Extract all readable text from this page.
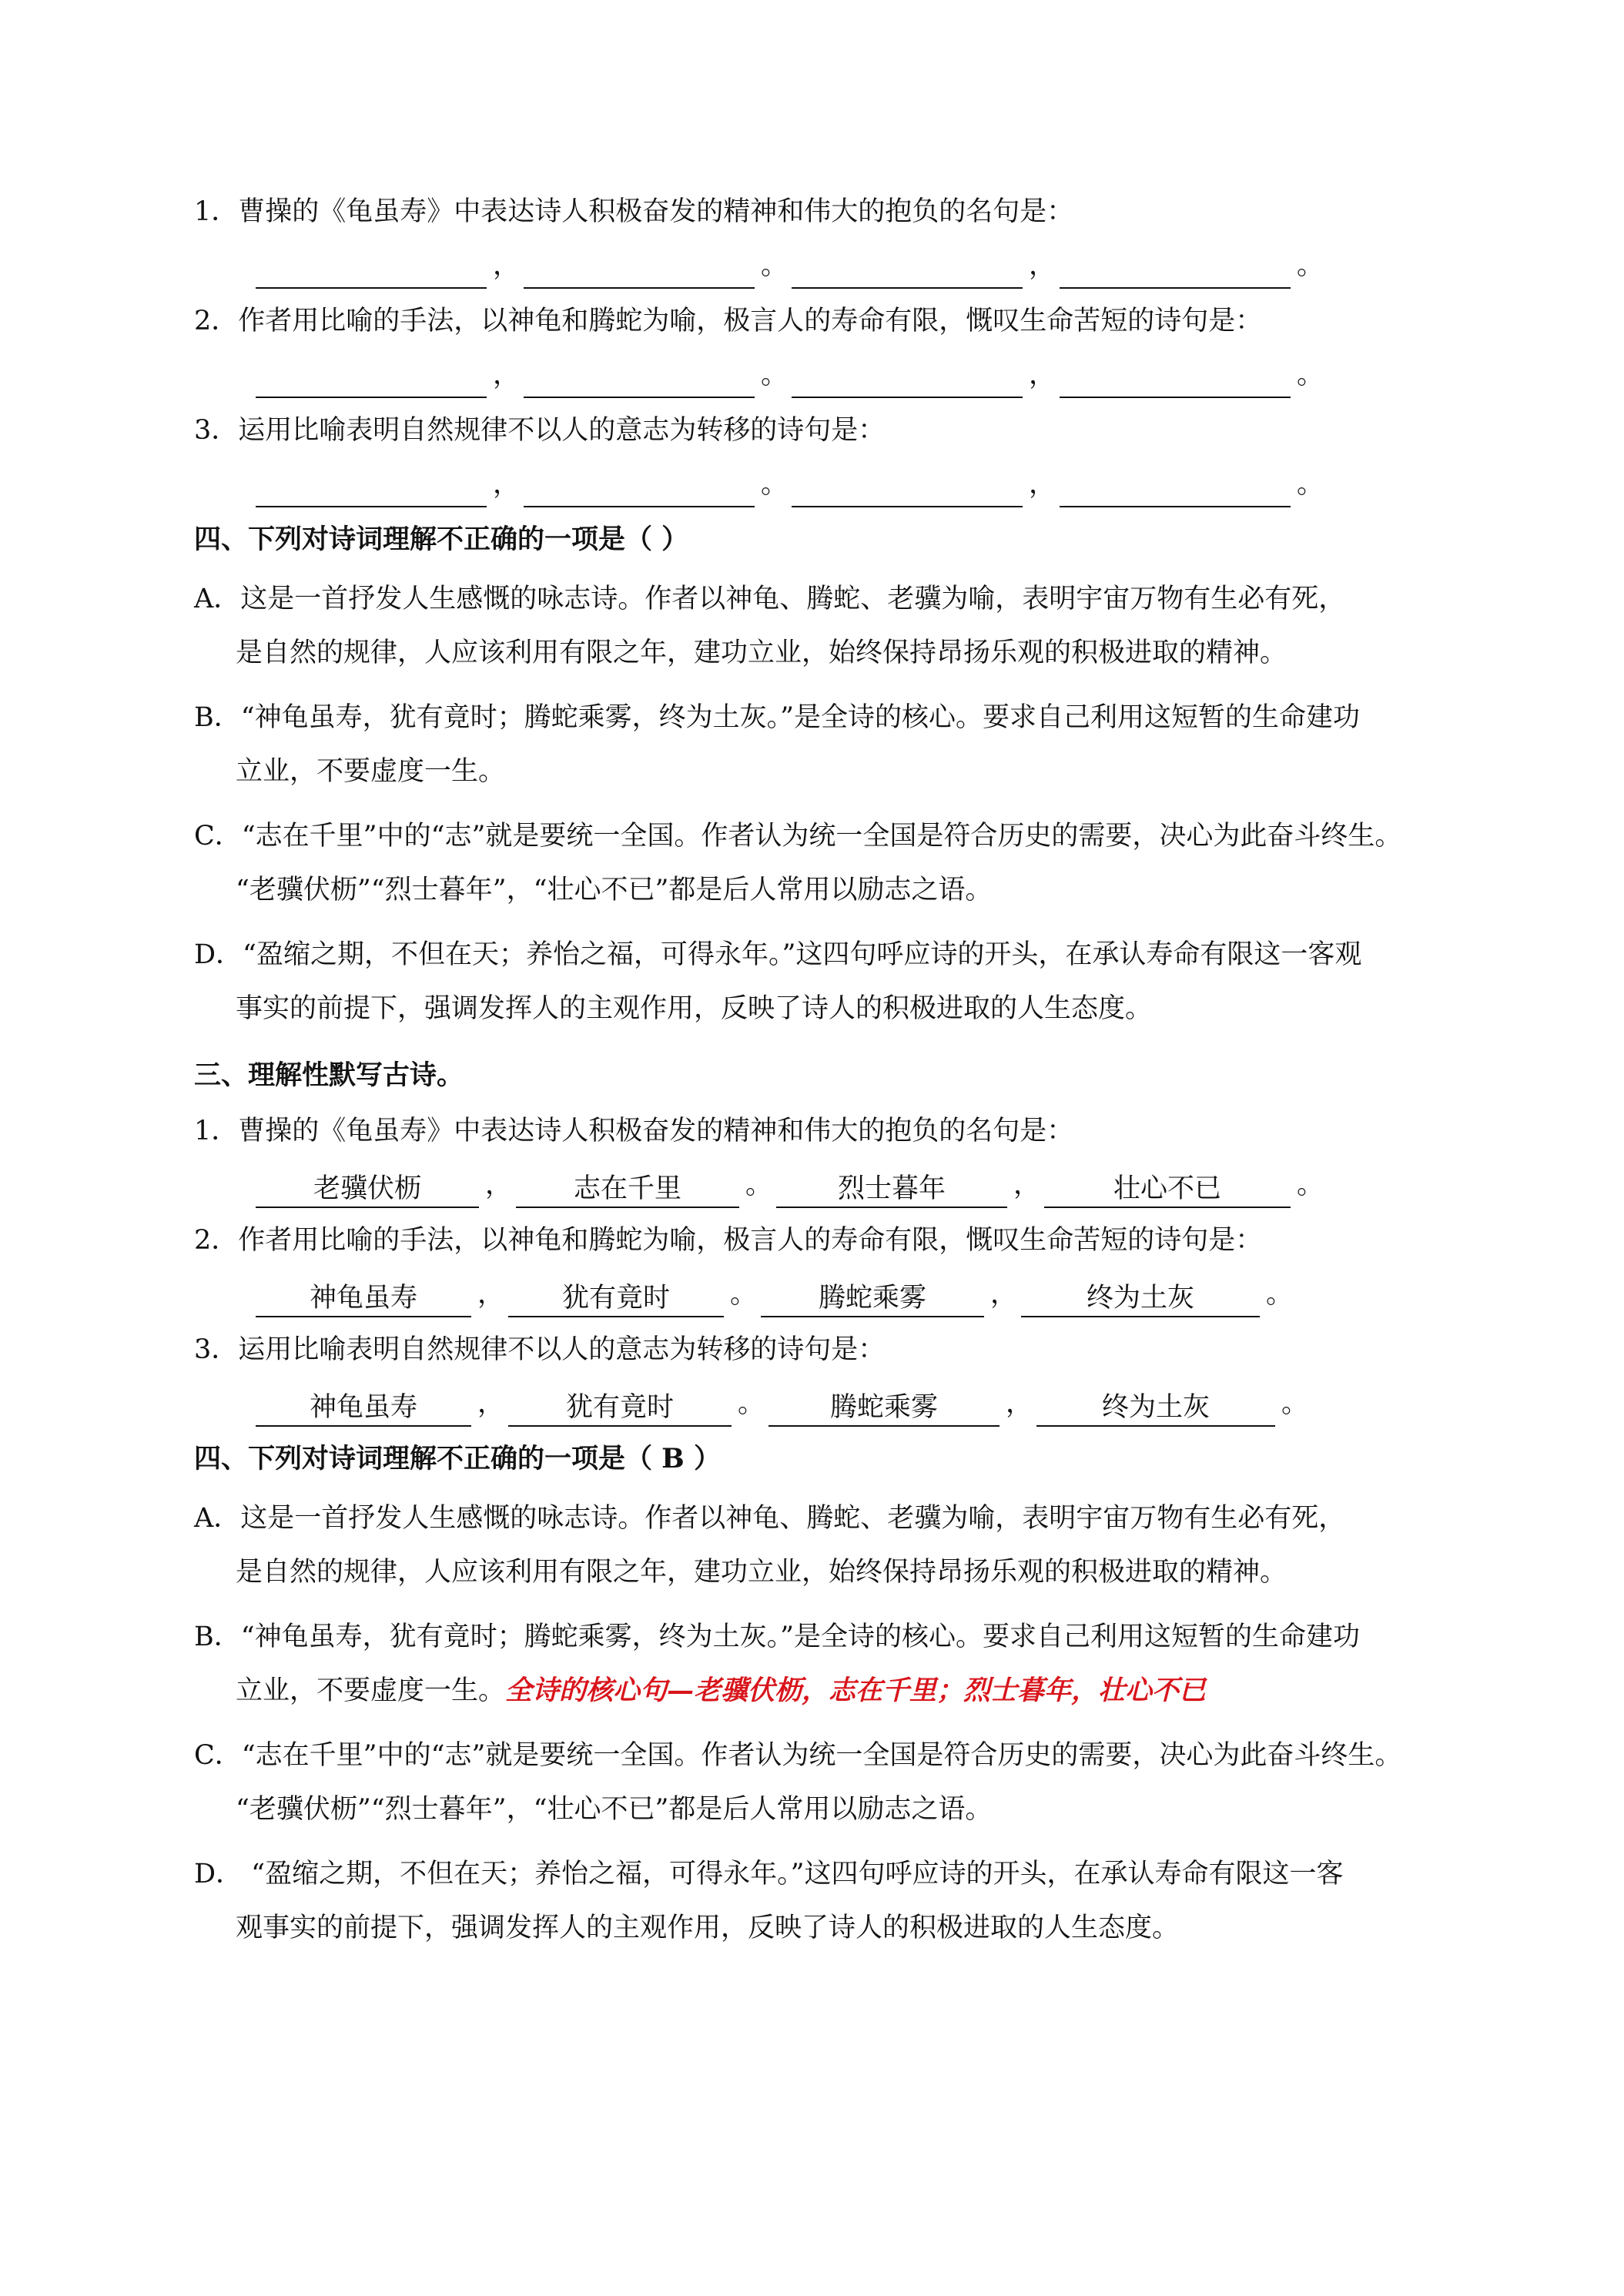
1．曹操的《龟虽寿》中表达诗人积极奋发的精神和伟大的抱负的名句是：
，	。	，	。
2．作者用比喻的手法，以神龟和腾蛇为喻，极言人的寿命有限，慨叹生命苦短的诗句是：
，	。	，	。
3．运用比喻表明自然规律不以人的意志为转移的诗句是：
，	。	，	。
四、下列对诗词理解不正确的一项是（ ）
A．这是一首抒发人生感慨的咏志诗。作者以神龟、腾蛇、老骥为喻，表明宇宙万物有生必有死，
是自然的规律，人应该利用有限之年，建功立业，始终保持昂扬乐观的积极进取的精神。
B．“神龟虽寿，犹有竟时；腾蛇乘雾，终为土灰。”是全诗的核心。要求自己利用这短暂的生命建功
立业，不要虚度一生。
C．“志在千里”中的“志”就是要统一全国。作者认为统一全国是符合历史的需要，决心为此奋斗终生。
“老骥伏枥”“烈士暮年”，“壮心不已”都是后人常用以励志之语。
D．“盈缩之期，不但在天；养怡之福，可得永年。”这四句呼应诗的开头，在承认寿命有限这一客观
事实的前提下，强调发挥人的主观作用，反映了诗人的积极进取的人生态度。
三、理解性默写古诗。
1．曹操的《龟虽寿》中表达诗人积极奋发的精神和伟大的抱负的名句是：
老骥伏枥	，	志在千里	。	烈士暮年	，	壮心不已	。
2．作者用比喻的手法，以神龟和腾蛇为喻，极言人的寿命有限，慨叹生命苦短的诗句是：
神龟虽寿	，	犹有竟时	。	腾蛇乘雾	，	终为土灰	。
3．运用比喻表明自然规律不以人的意志为转移的诗句是：
神龟虽寿	，	犹有竟时	。	腾蛇乘雾	，	终为土灰	。
四、下列对诗词理解不正确的一项是（ B ）
A．这是一首抒发人生感慨的咏志诗。作者以神龟、腾蛇、老骥为喻，表明宇宙万物有生必有死，
是自然的规律，人应该利用有限之年，建功立业，始终保持昂扬乐观的积极进取的精神。
B．“神龟虽寿，犹有竟时；腾蛇乘雾，终为土灰。”是全诗的核心。要求自己利用这短暂的生命建功
立业，不要虚度一生。全诗的核心句—老骥伏枥，志在千里；烈士暮年，壮心不已
C．“志在千里”中的“志”就是要统一全国。作者认为统一全国是符合历史的需要，决心为此奋斗终生。
“老骥伏枥”“烈士暮年”，“壮心不已”都是后人常用以励志之语。
D． “盈缩之期，不但在天；养怡之福，可得永年。”这四句呼应诗的开头，在承认寿命有限这一客
观事实的前提下，强调发挥人的主观作用，反映了诗人的积极进取的人生态度。
